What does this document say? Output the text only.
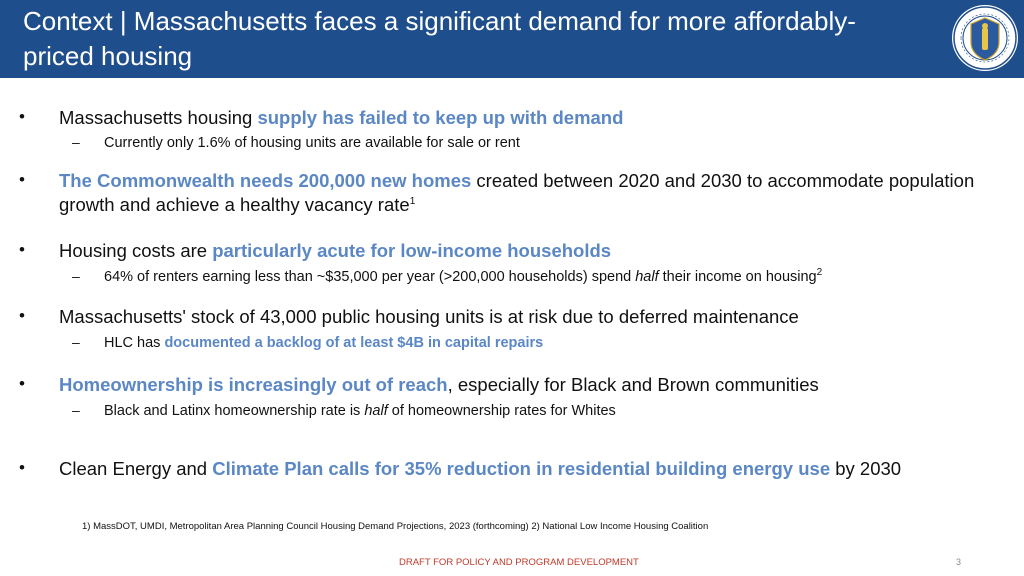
Context | Massachusetts faces a significant demand for more affordably-priced housing
• Massachusetts housing supply has failed to keep up with demand
– Currently only 1.6% of housing units are available for sale or rent
• The Commonwealth needs 200,000 new homes created between 2020 and 2030 to accommodate population growth and achieve a healthy vacancy rate$^1$
• Housing costs are particularly acute for low-income households
– 64% of renters earning less than ~$35,000 per year (>200,000 households) spend half their income on housing$^2$
• Massachusetts' stock of 43,000 public housing units is at risk due to deferred maintenance
– HLC has documented a backlog of at least $4B in capital repairs
• Homeownership is increasingly out of reach, especially for Black and Brown communities
– Black and Latinx homeownership rate is half of homeownership rates for Whites
• Clean Energy and Climate Plan calls for 35% reduction in residential building energy use by 2030
1) MassDOT, UMDI, Metropolitan Area Planning Council Housing Demand Projections, 2023 (forthcoming) 2) National Low Income Housing Coalition
DRAFT FOR POLICY AND PROGRAM DEVELOPMENT	3
